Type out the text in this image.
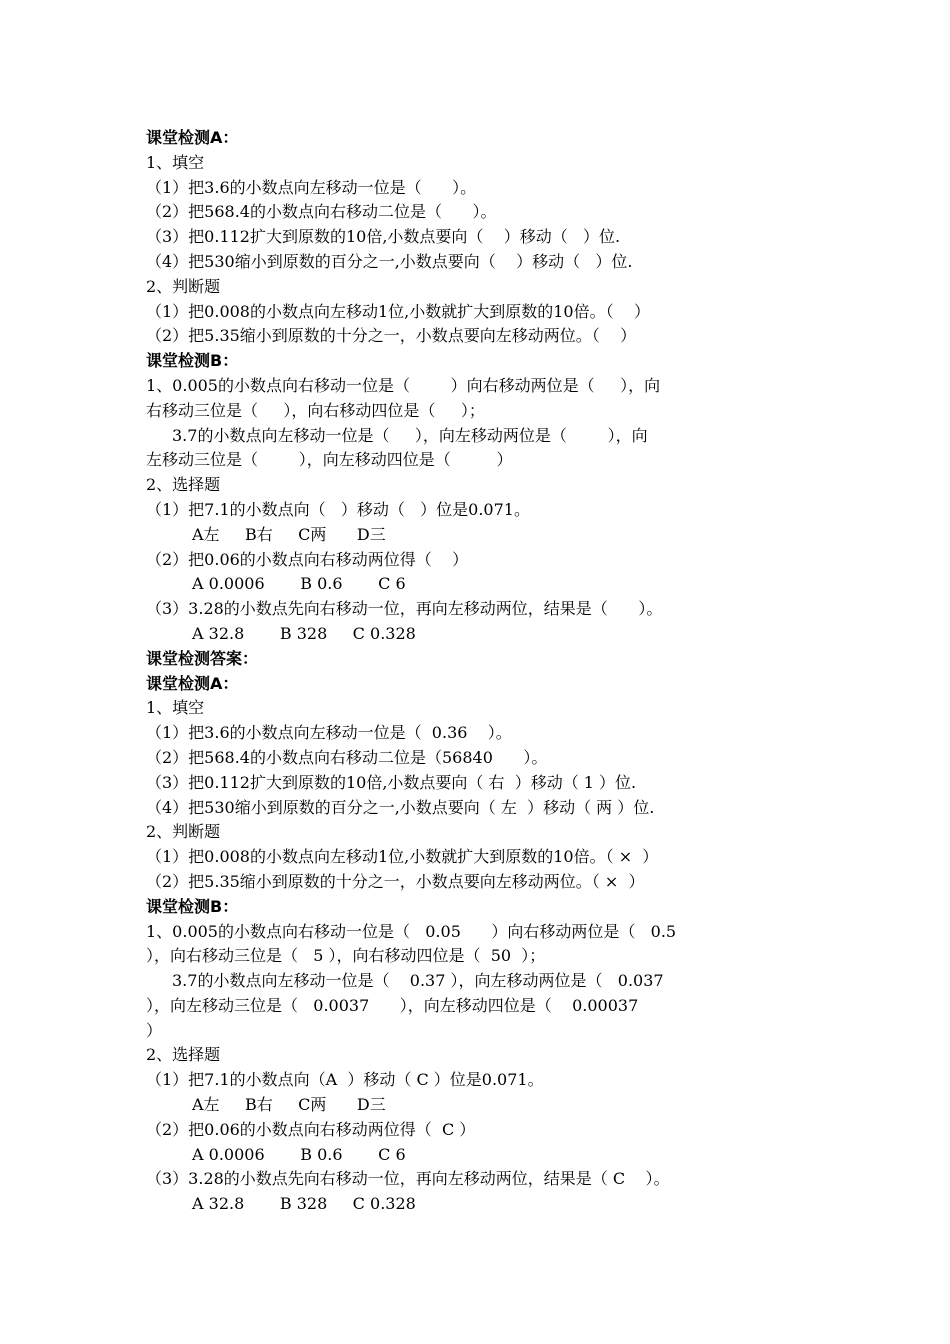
课堂检测A：
1、填空
（1）把3.6的小数点向左移动一位是（      ）。
（2）把568.4的小数点向右移动二位是（      ）。
（3）把0.112扩大到原数的10倍,小数点要向（    ）移动（   ）位.
（4）把530缩小到原数的百分之一,小数点要向（    ）移动（   ）位.
2、判断题
（1）把0.008的小数点向左移动1位,小数就扩大到原数的10倍。（    ）
（2）把5.35缩小到原数的十分之一，小数点要向左移动两位。（    ）
课堂检测B：
1、0.005的小数点向右移动一位是（        ）向右移动两位是（     ），向
右移动三位是（     ），向右移动四位是（     ）；
3.7的小数点向左移动一位是（     ），向左移动两位是（        ），向
左移动三位是（        ），向左移动四位是（         ）
2、选择题
（1）把7.1的小数点向（   ）移动（   ）位是0.071。
A左     B右     C两      D三
（2）把0.06的小数点向右移动两位得（    ）
A 0.0006       B 0.6       C 6
（3）3.28的小数点先向右移动一位，再向左移动两位，结果是（      ）。
A 32.8       B 328     C 0.328
课堂检测答案：
课堂检测A：
1、填空
（1）把3.6的小数点向左移动一位是（  0.36    ）。
（2）把568.4的小数点向右移动二位是（56840      ）。
（3）把0.112扩大到原数的10倍,小数点要向（ 右  ）移动（ 1 ）位.
（4）把530缩小到原数的百分之一,小数点要向（ 左  ）移动（ 两 ）位.
2、判断题
（1）把0.008的小数点向左移动1位,小数就扩大到原数的10倍。（ ×  ）
（2）把5.35缩小到原数的十分之一，小数点要向左移动两位。（ ×  ）
课堂检测B：
1、0.005的小数点向右移动一位是（   0.05      ）向右移动两位是（   0.5
），向右移动三位是（   5 ），向右移动四位是（  50  ）；
3.7的小数点向左移动一位是（    0.37 ），向左移动两位是（   0.037
），向左移动三位是（   0.0037      ），向左移动四位是（    0.00037
）
2、选择题
（1）把7.1的小数点向（A  ）移动（ C ）位是0.071。
A左     B右     C两      D三
（2）把0.06的小数点向右移动两位得（  C ）
A 0.0006       B 0.6       C 6
（3）3.28的小数点先向右移动一位，再向左移动两位，结果是（ C    ）。
A 32.8       B 328     C 0.328
